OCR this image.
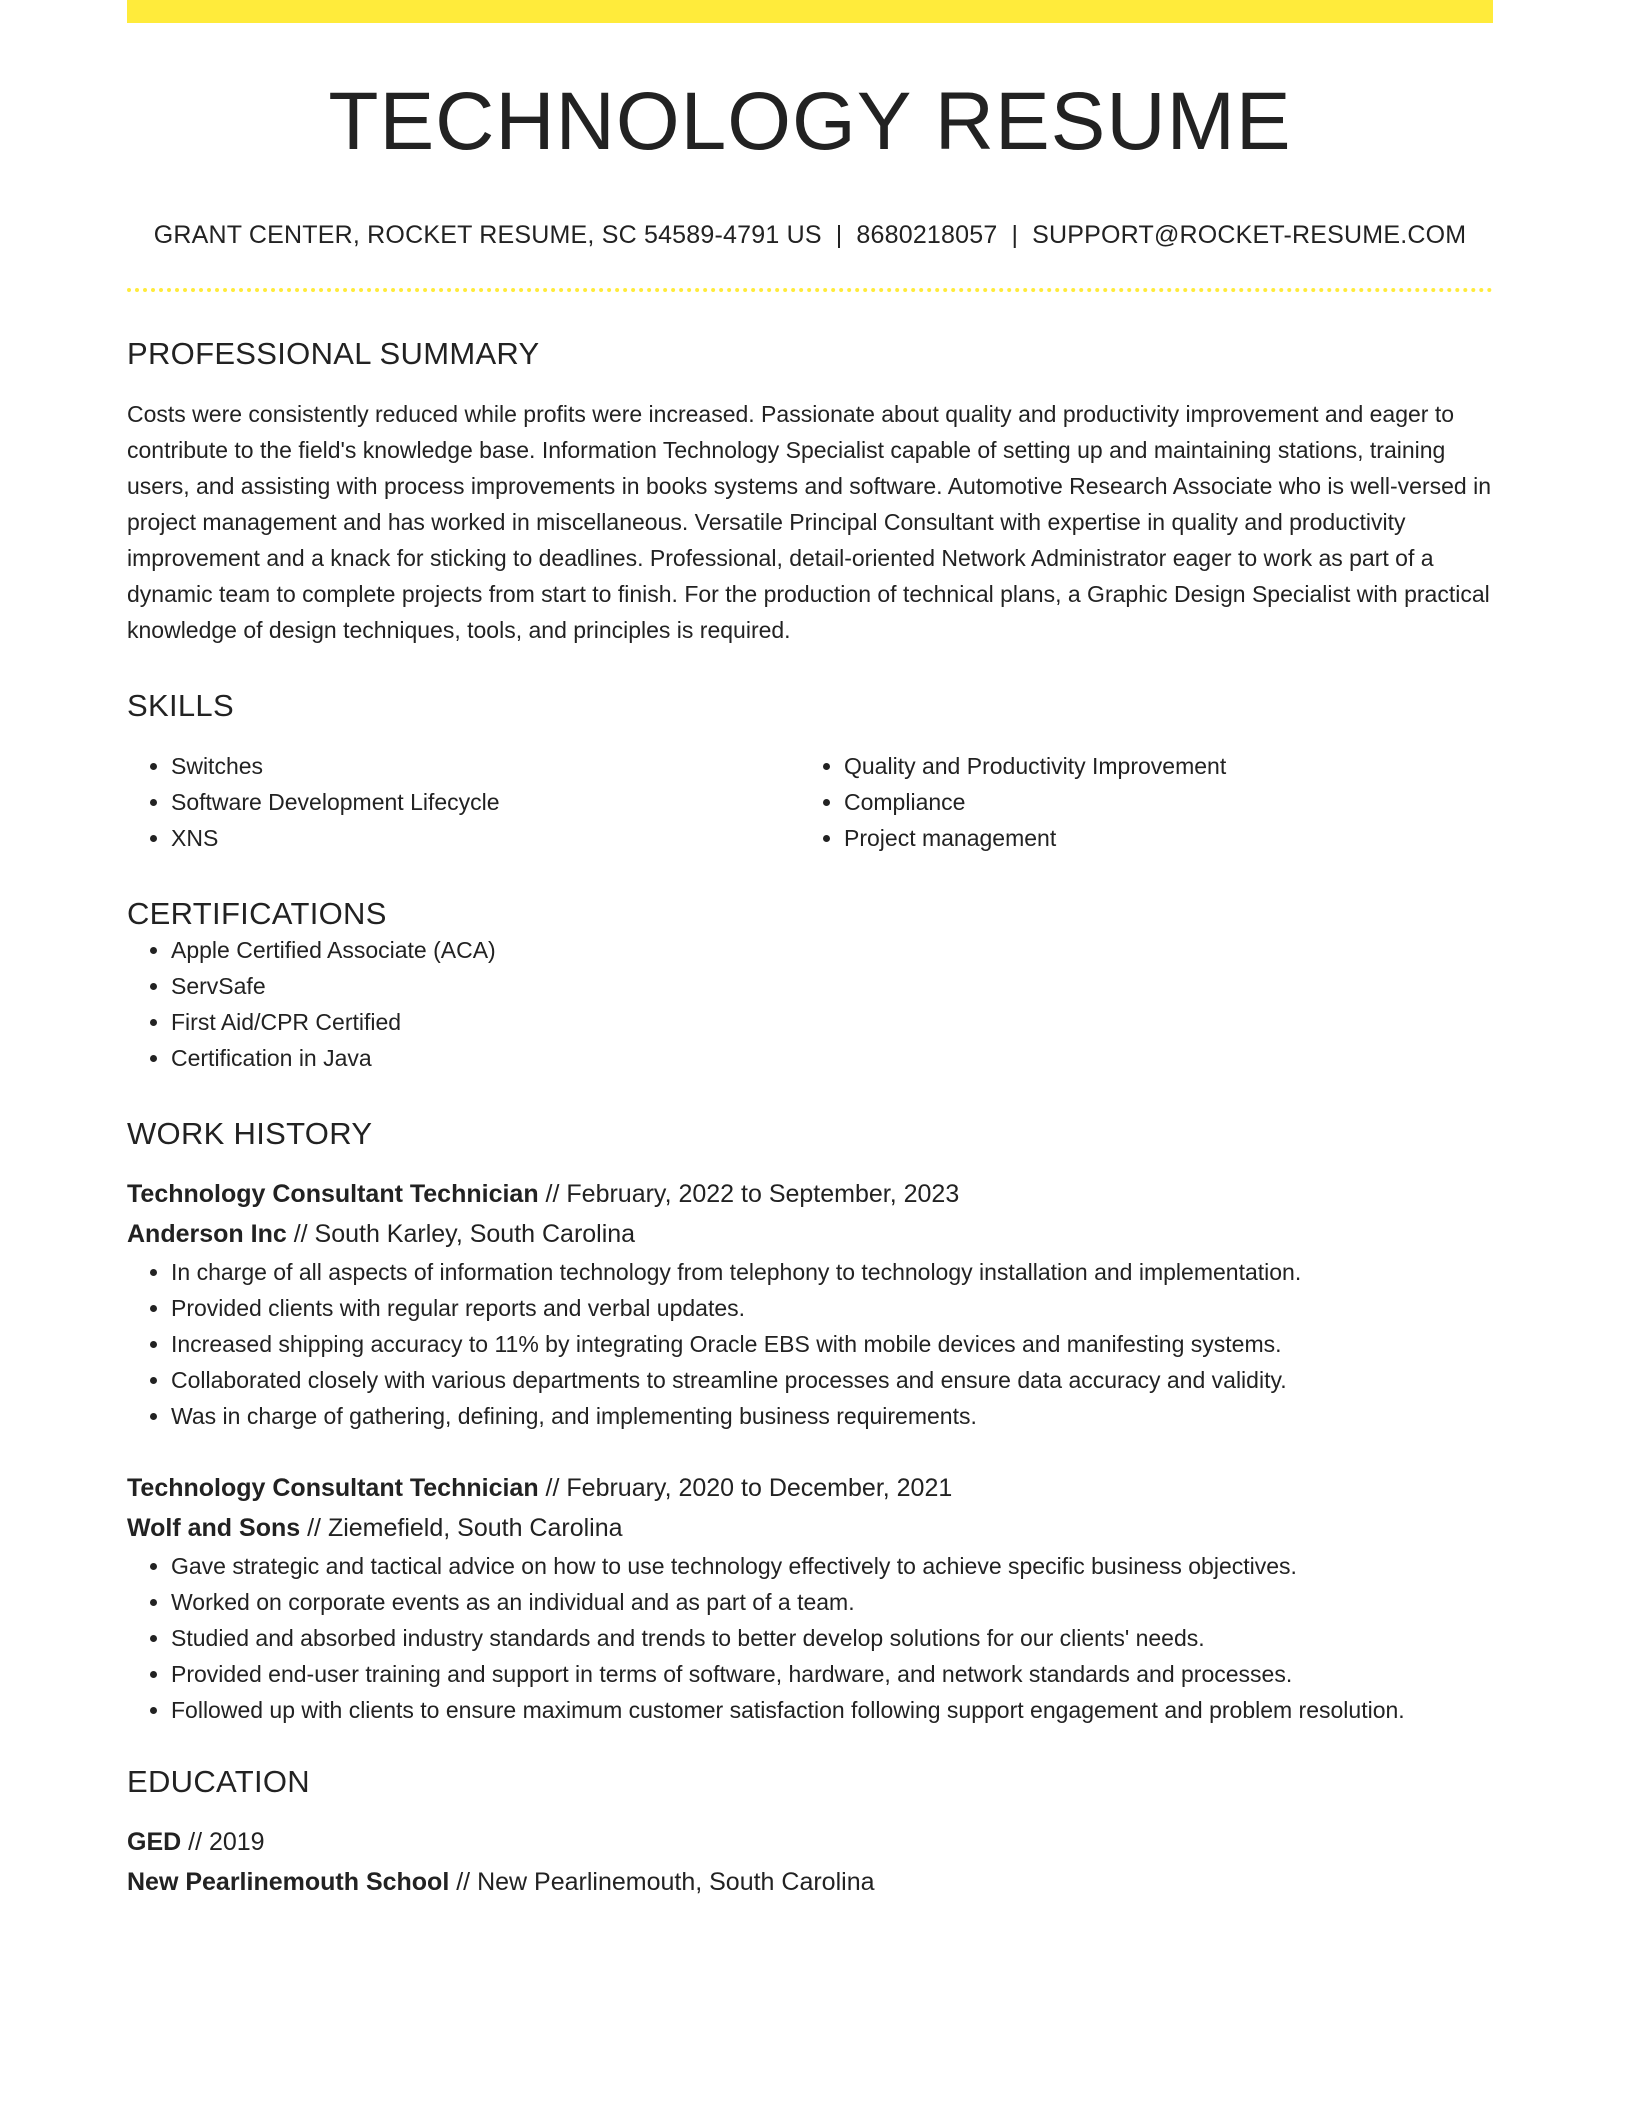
TECHNOLOGY RESUME
GRANT CENTER, ROCKET RESUME, SC 54589-4791 US | 8680218057 | SUPPORT@ROCKET-RESUME.COM
PROFESSIONAL SUMMARY

Costs were consistently reduced while profits were increased. Passionate about quality and productivity improvement and eager to contribute to the field's knowledge base. Information Technology Specialist capable of setting up and maintaining stations, training users, and assisting with process improvements in books systems and software. Automotive Research Associate who is well-versed in project management and has worked in miscellaneous. Versatile Principal Consultant with expertise in quality and productivity improvement and a knack for sticking to deadlines. Professional, detail-oriented Network Administrator eager to work as part of a dynamic team to complete projects from start to finish. For the production of technical plans, a Graphic Design Specialist with practical knowledge of design techniques, tools, and principles is required.

SKILLS
• Switches
• Software Development Lifecycle
• XNS
• Quality and Productivity Improvement
• Compliance
• Project management
CERTIFICATIONS
• Apple Certified Associate (ACA)
• ServSafe
• First Aid/CPR Certified
• Certification in Java
WORK HISTORY
Technology Consultant Technician // February, 2022 to September, 2023
Anderson Inc // South Karley, South Carolina
• In charge of all aspects of information technology from telephony to technology installation and implementation.
• Provided clients with regular reports and verbal updates.
• Increased shipping accuracy to 11% by integrating Oracle EBS with mobile devices and manifesting systems.
• Collaborated closely with various departments to streamline processes and ensure data accuracy and validity.
• Was in charge of gathering, defining, and implementing business requirements.
Technology Consultant Technician // February, 2020 to December, 2021
Wolf and Sons // Ziemefield, South Carolina
• Gave strategic and tactical advice on how to use technology effectively to achieve specific business objectives.
• Worked on corporate events as an individual and as part of a team.
• Studied and absorbed industry standards and trends to better develop solutions for our clients' needs.
• Provided end-user training and support in terms of software, hardware, and network standards and processes.
• Followed up with clients to ensure maximum customer satisfaction following support engagement and problem resolution.
EDUCATION
GED // 2019
New Pearlinemouth School // New Pearlinemouth, South Carolina
